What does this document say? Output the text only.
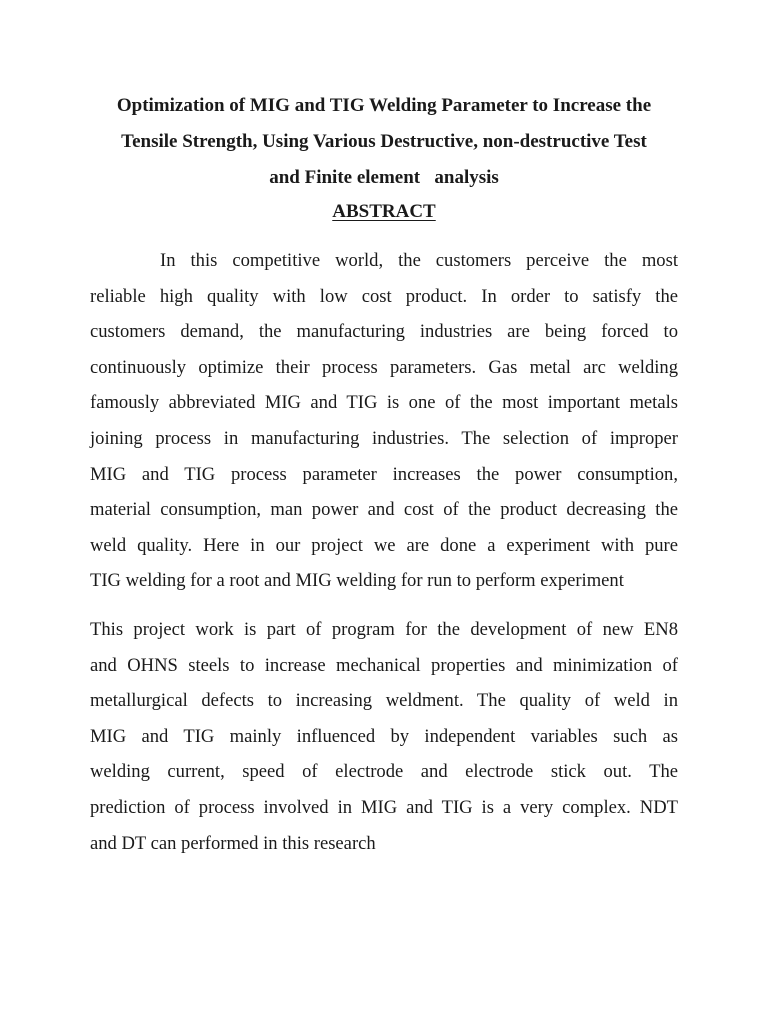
Optimization of MIG and TIG Welding Parameter to Increase the
Tensile Strength, Using Various Destructive, non-destructive Test
and Finite element   analysis
ABSTRACT

In this competitive world, the customers perceive the most
reliable high quality with low cost product. In order to satisfy the
customers demand, the manufacturing industries are being forced to
continuously optimize their process parameters. Gas metal arc welding
famously abbreviated MIG and TIG is one of the most important metals
joining process in manufacturing industries. The selection of improper
MIG and TIG process parameter increases the power consumption,
material consumption, man power and cost of the product decreasing the
weld quality. Here in our project we are done a experiment with pure
TIG welding for a root and MIG welding for run to perform experiment

This project work is part of program for the development of new EN8
and OHNS steels to increase mechanical properties and minimization of
metallurgical defects to increasing weldment. The quality of weld in
MIG and TIG mainly influenced by independent variables such as
welding current, speed of electrode and electrode stick out. The
prediction of process involved in MIG and TIG is a very complex. NDT
and DT can performed in this research
